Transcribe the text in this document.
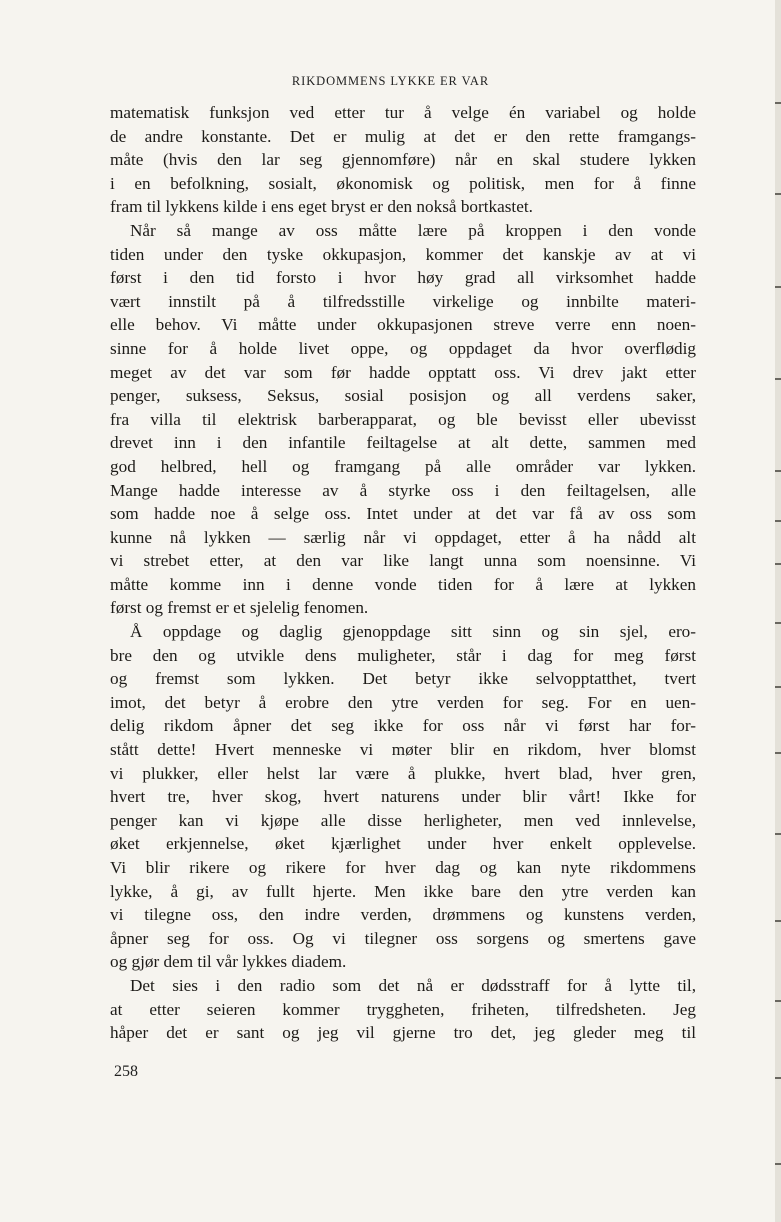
RIKDOMMENS LYKKE ER VAR
matematisk funksjon ved etter tur å velge én variabel og holde
de andre konstante. Det er mulig at det er den rette framgangs-
måte (hvis den lar seg gjennomføre) når en skal studere lykken
i en befolkning, sosialt, økonomisk og politisk, men for å finne
fram til lykkens kilde i ens eget bryst er den nokså bortkastet.
Når så mange av oss måtte lære på kroppen i den vonde
tiden under den tyske okkupasjon, kommer det kanskje av at vi
først i den tid forsto i hvor høy grad all virksomhet hadde
vært innstilt på å tilfredsstille virkelige og innbilte materi-
elle behov. Vi måtte under okkupasjonen streve verre enn noen-
sinne for å holde livet oppe, og oppdaget da hvor overflødig
meget av det var som før hadde opptatt oss. Vi drev jakt etter
penger, suksess, Seksus, sosial posisjon og all verdens saker,
fra villa til elektrisk barberapparat, og ble bevisst eller ubevisst
drevet inn i den infantile feiltagelse at alt dette, sammen med
god helbred, hell og framgang på alle områder var lykken.
Mange hadde interesse av å styrke oss i den feiltagelsen, alle
som hadde noe å selge oss. Intet under at det var få av oss som
kunne nå lykken — særlig når vi oppdaget, etter å ha nådd alt
vi strebet etter, at den var like langt unna som noensinne. Vi
måtte komme inn i denne vonde tiden for å lære at lykken
først og fremst er et sjelelig fenomen.
Å oppdage og daglig gjenoppdage sitt sinn og sin sjel, ero-
bre den og utvikle dens muligheter, står i dag for meg først
og fremst som lykken. Det betyr ikke selvopptatthet, tvert
imot, det betyr å erobre den ytre verden for seg. For en uen-
delig rikdom åpner det seg ikke for oss når vi først har for-
stått dette! Hvert menneske vi møter blir en rikdom, hver blomst
vi plukker, eller helst lar være å plukke, hvert blad, hver gren,
hvert tre, hver skog, hvert naturens under blir vårt! Ikke for
penger kan vi kjøpe alle disse herligheter, men ved innlevelse,
øket erkjennelse, øket kjærlighet under hver enkelt opplevelse.
Vi blir rikere og rikere for hver dag og kan nyte rikdommens
lykke, å gi, av fullt hjerte. Men ikke bare den ytre verden kan
vi tilegne oss, den indre verden, drømmens og kunstens verden,
åpner seg for oss. Og vi tilegner oss sorgens og smertens gave
og gjør dem til vår lykkes diadem.
Det sies i den radio som det nå er dødsstraff for å lytte til,
at etter seieren kommer tryggheten, friheten, tilfredsheten. Jeg
håper det er sant og jeg vil gjerne tro det, jeg gleder meg til
258
